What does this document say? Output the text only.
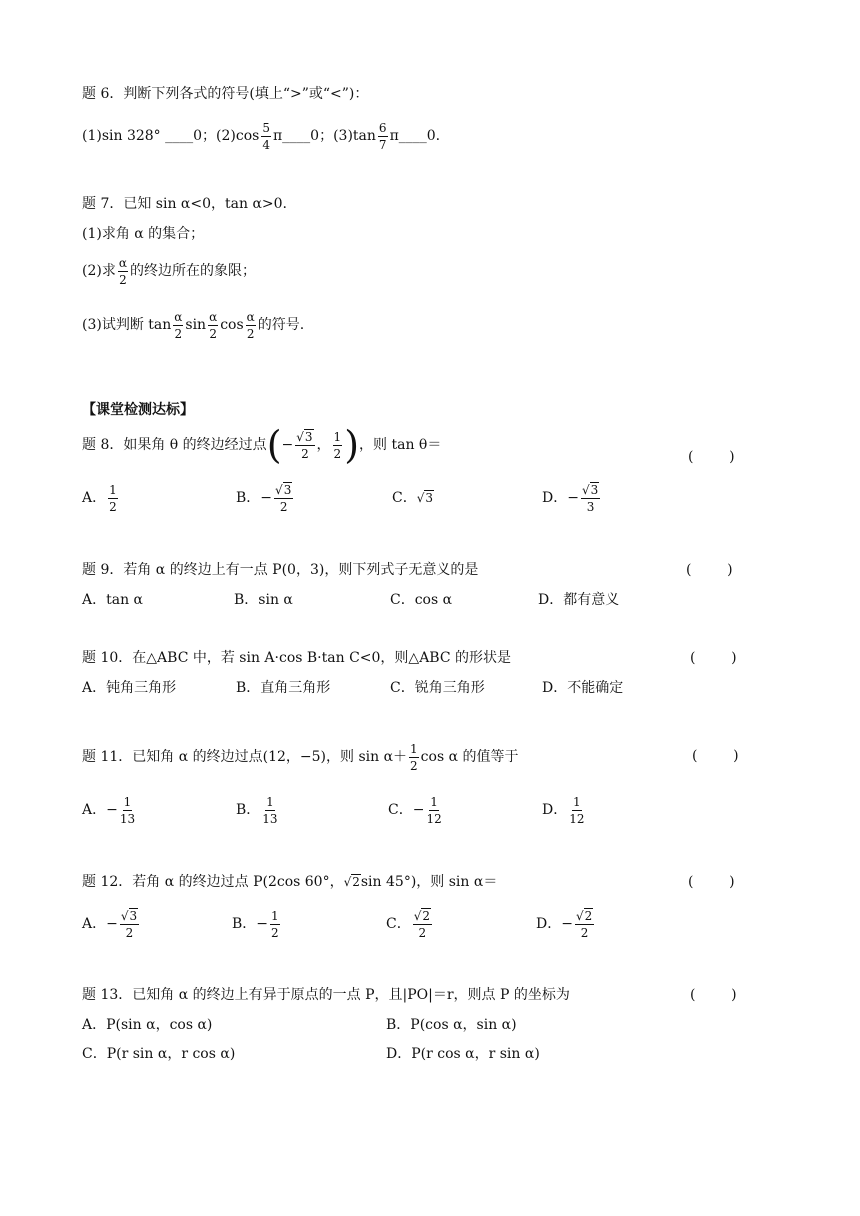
题 6．判断下列各式的符号(填上“>”或“<”)：
(1)sin 328° ____0； $(2)\cos \frac{5}{4}$ π____0； $(3)\tan \frac{6}{7}$ π____0.
题 7．已知 sin α<0，tan α>0.
(1)求角 α 的集合；
(2)求 $\frac{\alpha}{2}$ 的终边所在的象限；
(3)试判断 $\tan \frac{\alpha}{2}$ $\sin \frac{\alpha}{2}$ $\cos \frac{\alpha}{2}$ 的符号.
【课堂检测达标】
题 8．如果角 θ 的终边经过点 ( − $\frac{√3}{2}$ ， $\frac{1}{2}$ ) ，则 tan θ＝
(        )
A． $\frac{1}{2}$	B． − $\frac{√3}{2}$	C． √3	D． − $\frac{√3}{3}$
题 9．若角 α 的终边上有一点 P(0，3)，则下列式子无意义的是	(        )
A．tan α	B．sin α	C．cos α	D．都有意义
题 10．在△ABC 中，若 sin A·cos B·tan C<0，则△ABC 的形状是	(        )
A．钝角三角形	B．直角三角形	C．锐角三角形	D．不能确定
题 11．已知角 α 的终边过点(12，−5)，则 $\sin \alpha+ \frac{1}{2}$ cos α 的值等于	(        )
A．− $\frac{1}{13}$	B． $\frac{1}{13}$	C．− $\frac{1}{12}$	D． $\frac{1}{12}$
题 12．若角 α 的终边过点 P(2cos 60°， √2 sin 45°)，则 sin α＝	(        )
A．− $\frac{√3}{2}$	B．− $\frac{1}{2}$	C． $\frac{√2}{2}$	D．− $\frac{√2}{2}$
题 13．已知角 α 的终边上有异于原点的一点 P，且|PO|＝r，则点 P 的坐标为	(        )
A．P(sin α，cos α)	B．P(cos α，sin α)
C．P(r sin α，r cos α)	D．P(r cos α，r sin α)
